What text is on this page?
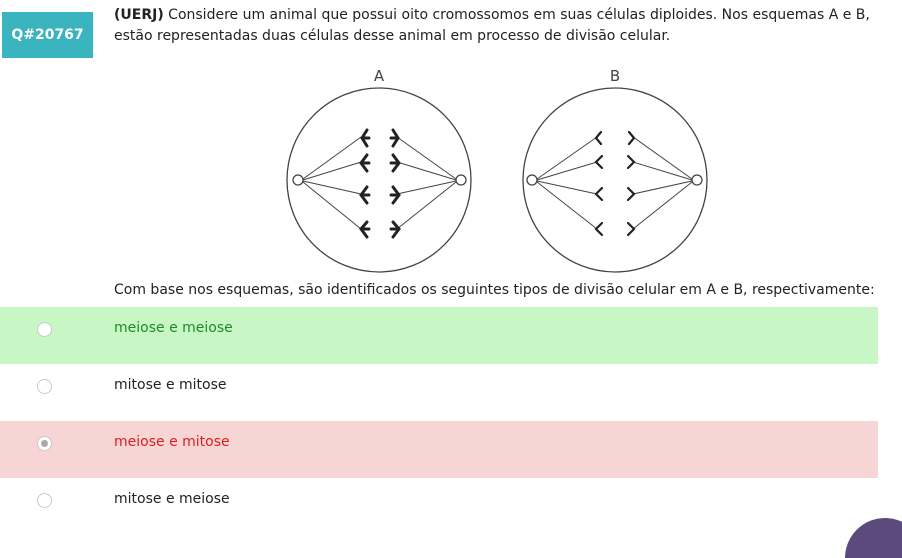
Q#20767
(UERJ) Considere um animal que possui oito cromossomos em suas células diploides. Nos esquemas A e B, estão representadas duas células desse animal em processo de divisão celular.
A	B
Com base nos esquemas, são identificados os seguintes tipos de divisão celular em A e B, respectivamente:
meiose e meiose
mitose e mitose
meiose e mitose
mitose e meiose
